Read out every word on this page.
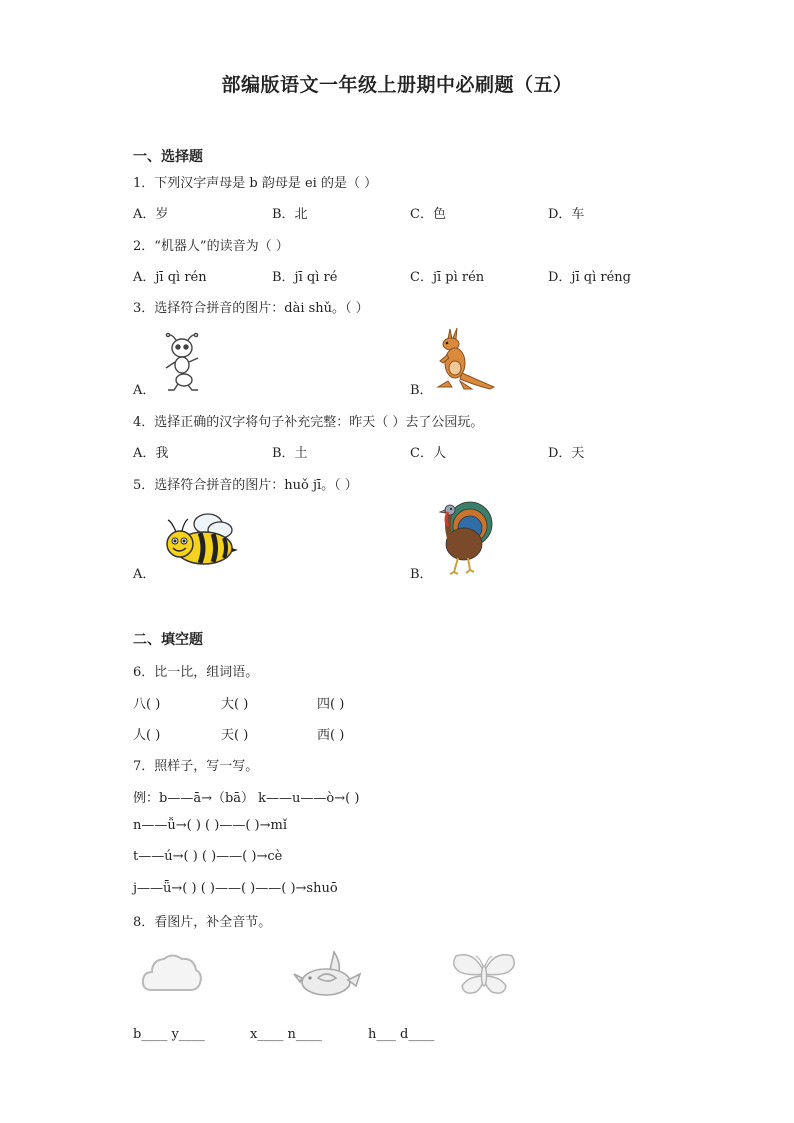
部编版语文一年级上册期中必刷题（五）
一、选择题
1．下列汉字声母是 b 韵母是 ei 的是（ ）
A．岁	B．北	C．色	D．车
2．“机器人”的读音为（ ）
A．jī qì rén	B．jī qì ré	C．jī pì rén	D．jī qì réng
3．选择符合拼音的图片：dài shǔ。（ ）
A．	B．
4．选择正确的汉字将句子补充完整：昨天（ ）去了公园玩。
A．我	B．土	C．人	D．天
5．选择符合拼音的图片：huǒ jī。（ ）
A．	B．
二、填空题
6．比一比，组词语。
八( )	大( )	四( )
人( )	天( )	西( )
7．照样子，写一写。
例：b——ā→（bā） k——u——ò→( )
n——ǚ→( ) ( )——( )→mǐ
t——ú→( ) ( )——( )→cè
j——ǖ→( ) ( )——( )——( )→shuō
8．看图片，补全音节。
b____ y____	x____ n____	h___ d____
